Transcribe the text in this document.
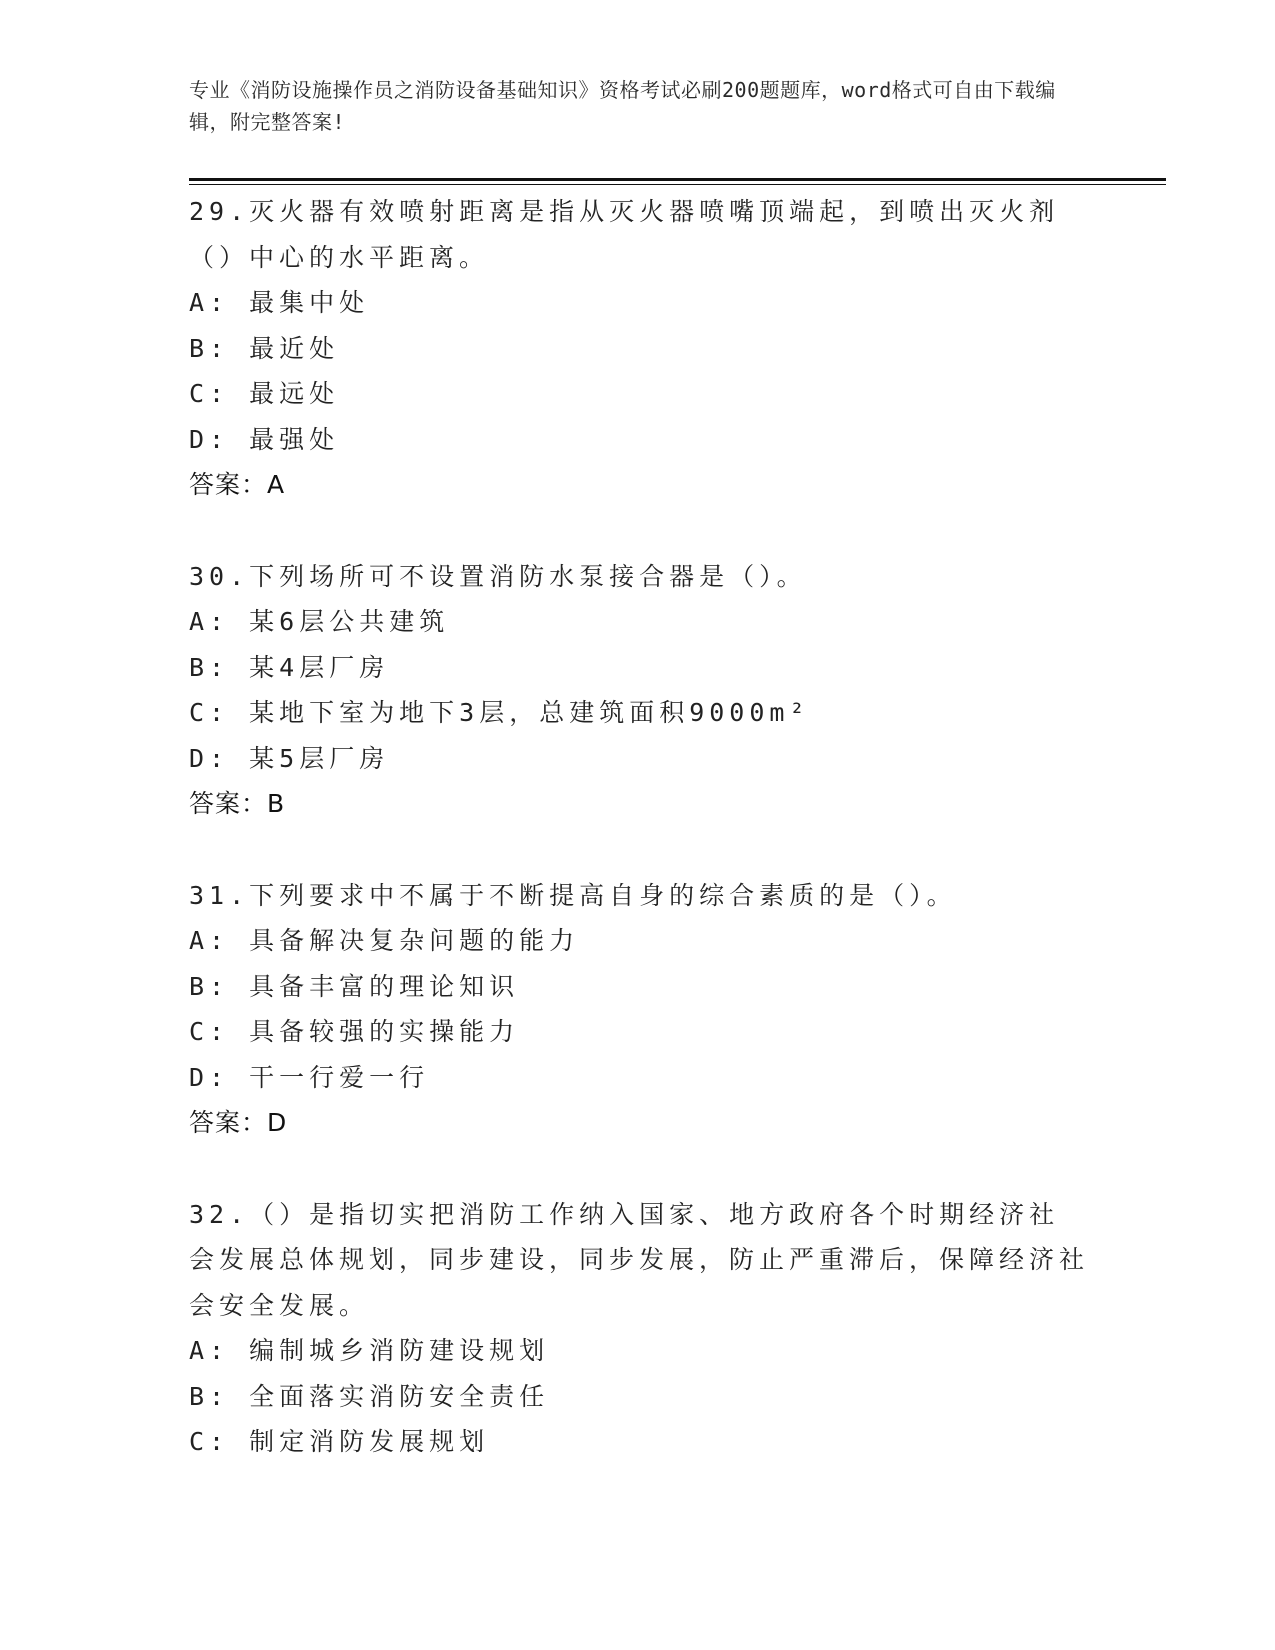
专业《消防设施操作员之消防设备基础知识》资格考试必刷200题题库，word格式可自由下载编辑，附完整答案!
29.灭火器有效喷射距离是指从灭火器喷嘴顶端起，到喷出灭火剂（）中心的水平距离。
A: 最集中处
B: 最近处
C: 最远处
D: 最强处
答案：A
30.下列场所可不设置消防水泵接合器是（）。
A: 某6层公共建筑
B: 某4层厂房
C: 某地下室为地下3层，总建筑面积9000m²
D: 某5层厂房
答案：B
31.下列要求中不属于不断提高自身的综合素质的是（）。
A: 具备解决复杂问题的能力
B: 具备丰富的理论知识
C: 具备较强的实操能力
D: 干一行爱一行
答案：D
32.（）是指切实把消防工作纳入国家、地方政府各个时期经济社会发展总体规划，同步建设，同步发展，防止严重滞后，保障经济社会安全发展。
A: 编制城乡消防建设规划
B: 全面落实消防安全责任
C: 制定消防发展规划
